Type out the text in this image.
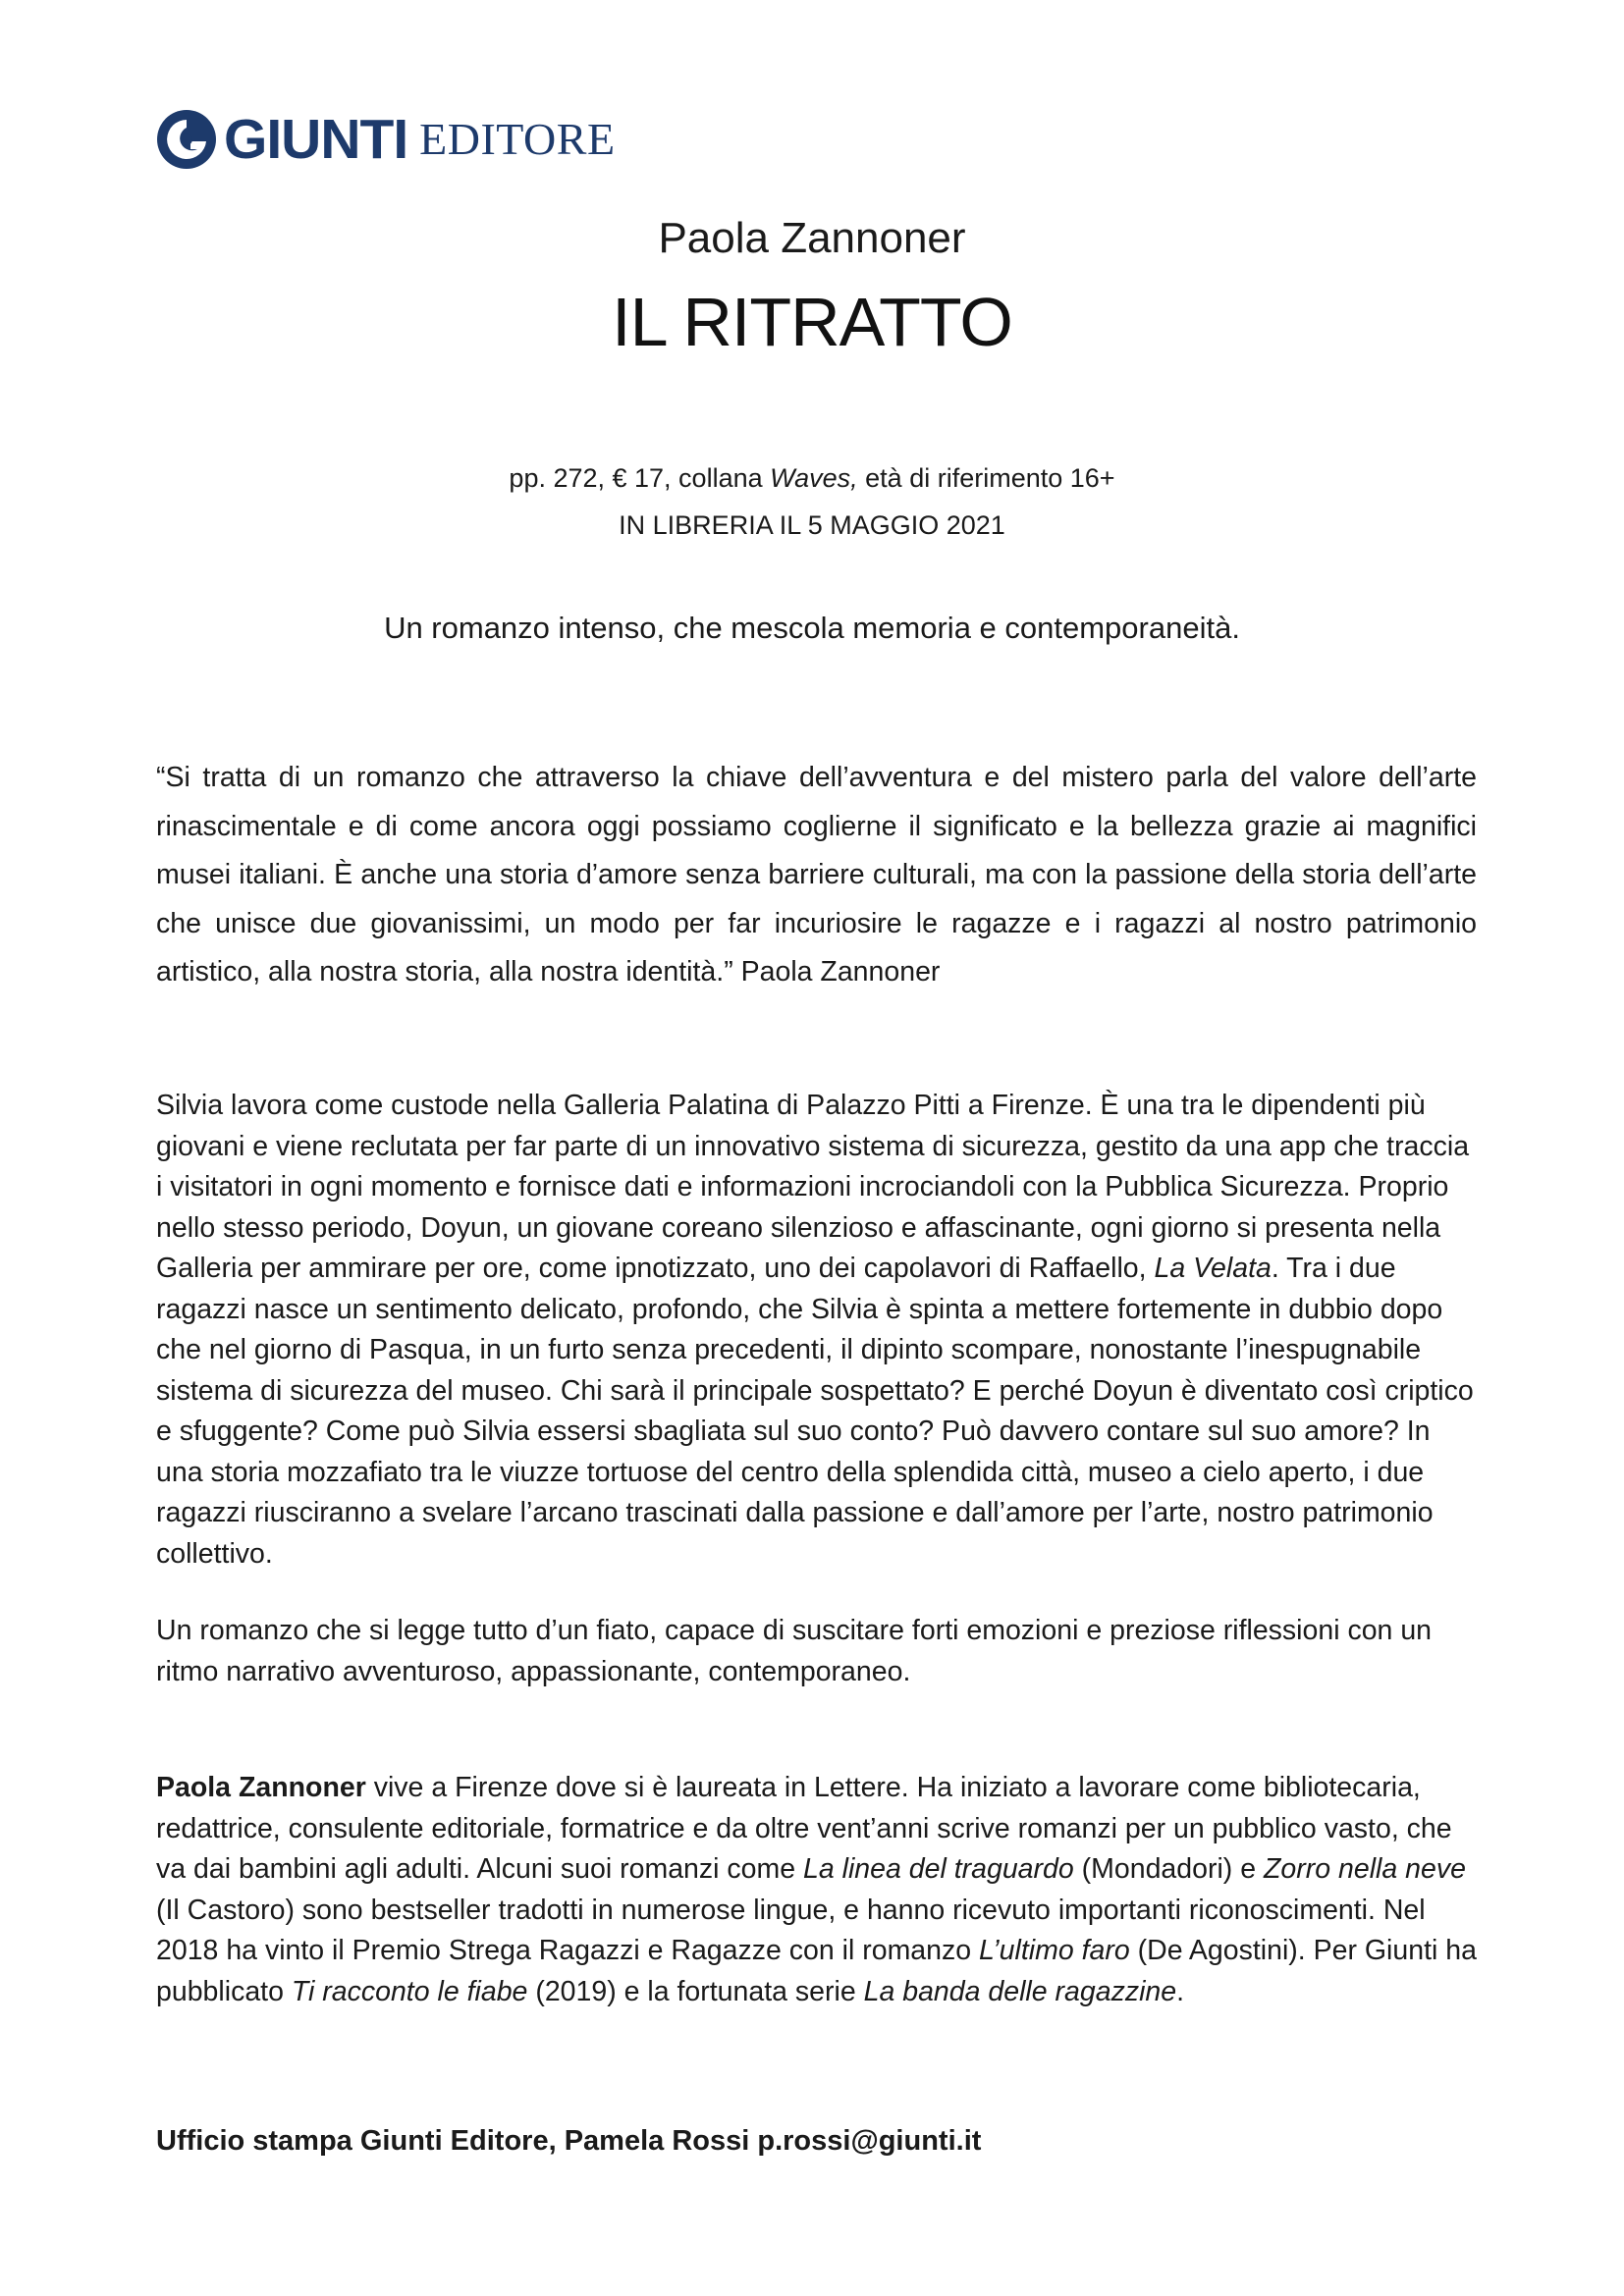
GIUNTI EDITORE
Paola Zannoner
IL RITRATTO
pp. 272, € 17, collana Waves, età di riferimento 16+
IN LIBRERIA IL 5 MAGGIO 2021
Un romanzo intenso, che mescola memoria e contemporaneità.
“Si tratta di un romanzo che attraverso la chiave dell’avventura e del mistero parla del valore dell’arte rinascimentale e di come ancora oggi possiamo coglierne il significato e la bellezza grazie ai magnifici musei italiani. È anche una storia d’amore senza barriere culturali, ma con la passione della storia dell’arte che unisce due giovanissimi, un modo per far incuriosire le ragazze e i ragazzi al nostro patrimonio artistico, alla nostra storia, alla nostra identità.” Paola Zannoner
Silvia lavora come custode nella Galleria Palatina di Palazzo Pitti a Firenze. È una tra le dipendenti più giovani e viene reclutata per far parte di un innovativo sistema di sicurezza, gestito da una app che traccia i visitatori in ogni momento e fornisce dati e informazioni incrociandoli con la Pubblica Sicurezza. Proprio nello stesso periodo, Doyun, un giovane coreano silenzioso e affascinante, ogni giorno si presenta nella Galleria per ammirare per ore, come ipnotizzato, uno dei capolavori di Raffaello, La Velata. Tra i due ragazzi nasce un sentimento delicato, profondo, che Silvia è spinta a mettere fortemente in dubbio dopo che nel giorno di Pasqua, in un furto senza precedenti, il dipinto scompare, nonostante l’inespugnabile sistema di sicurezza del museo. Chi sarà il principale sospettato? E perché Doyun è diventato così criptico e sfuggente? Come può Silvia essersi sbagliata sul suo conto? Può davvero contare sul suo amore? In una storia mozzafiato tra le viuzze tortuose del centro della splendida città, museo a cielo aperto, i due ragazzi riusciranno a svelare l’arcano trascinati dalla passione e dall’amore per l’arte, nostro patrimonio collettivo.
Un romanzo che si legge tutto d’un fiato, capace di suscitare forti emozioni e preziose riflessioni con un ritmo narrativo avventuroso, appassionante, contemporaneo.
Paola Zannoner vive a Firenze dove si è laureata in Lettere. Ha iniziato a lavorare come bibliotecaria, redattrice, consulente editoriale, formatrice e da oltre vent’anni scrive romanzi per un pubblico vasto, che va dai bambini agli adulti. Alcuni suoi romanzi come La linea del traguardo (Mondadori) e Zorro nella neve (Il Castoro) sono bestseller tradotti in numerose lingue, e hanno ricevuto importanti riconoscimenti. Nel 2018 ha vinto il Premio Strega Ragazzi e Ragazze con il romanzo L’ultimo faro (De Agostini). Per Giunti ha pubblicato Ti racconto le fiabe (2019) e la fortunata serie La banda delle ragazzine.
Ufficio stampa Giunti Editore, Pamela Rossi p.rossi@giunti.it
